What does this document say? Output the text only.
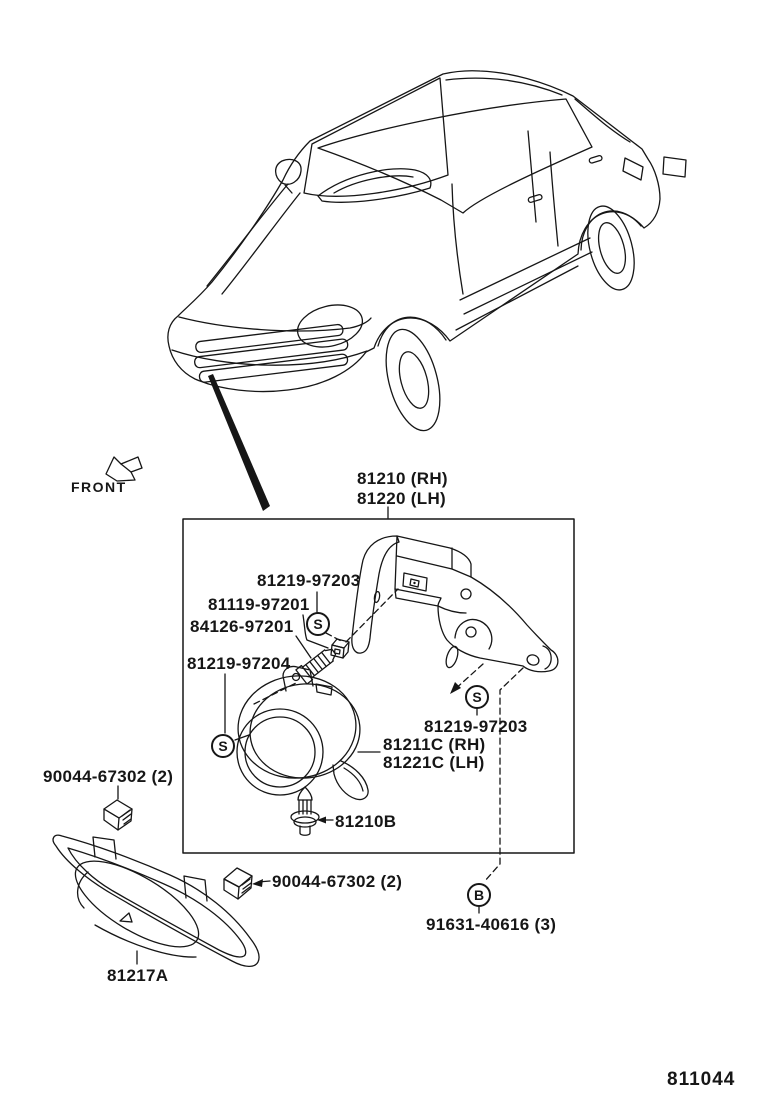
81210 (RH)
81220 (LH)
81219-97203
81119-97201
84126-97201
81219-97204
81219-97203
81211C (RH)
81221C (LH)
81210B
90044-67302 (2)
90044-67302 (2)
91631-40616 (3)
81217A
S
S
S
B
FRONT
811044
